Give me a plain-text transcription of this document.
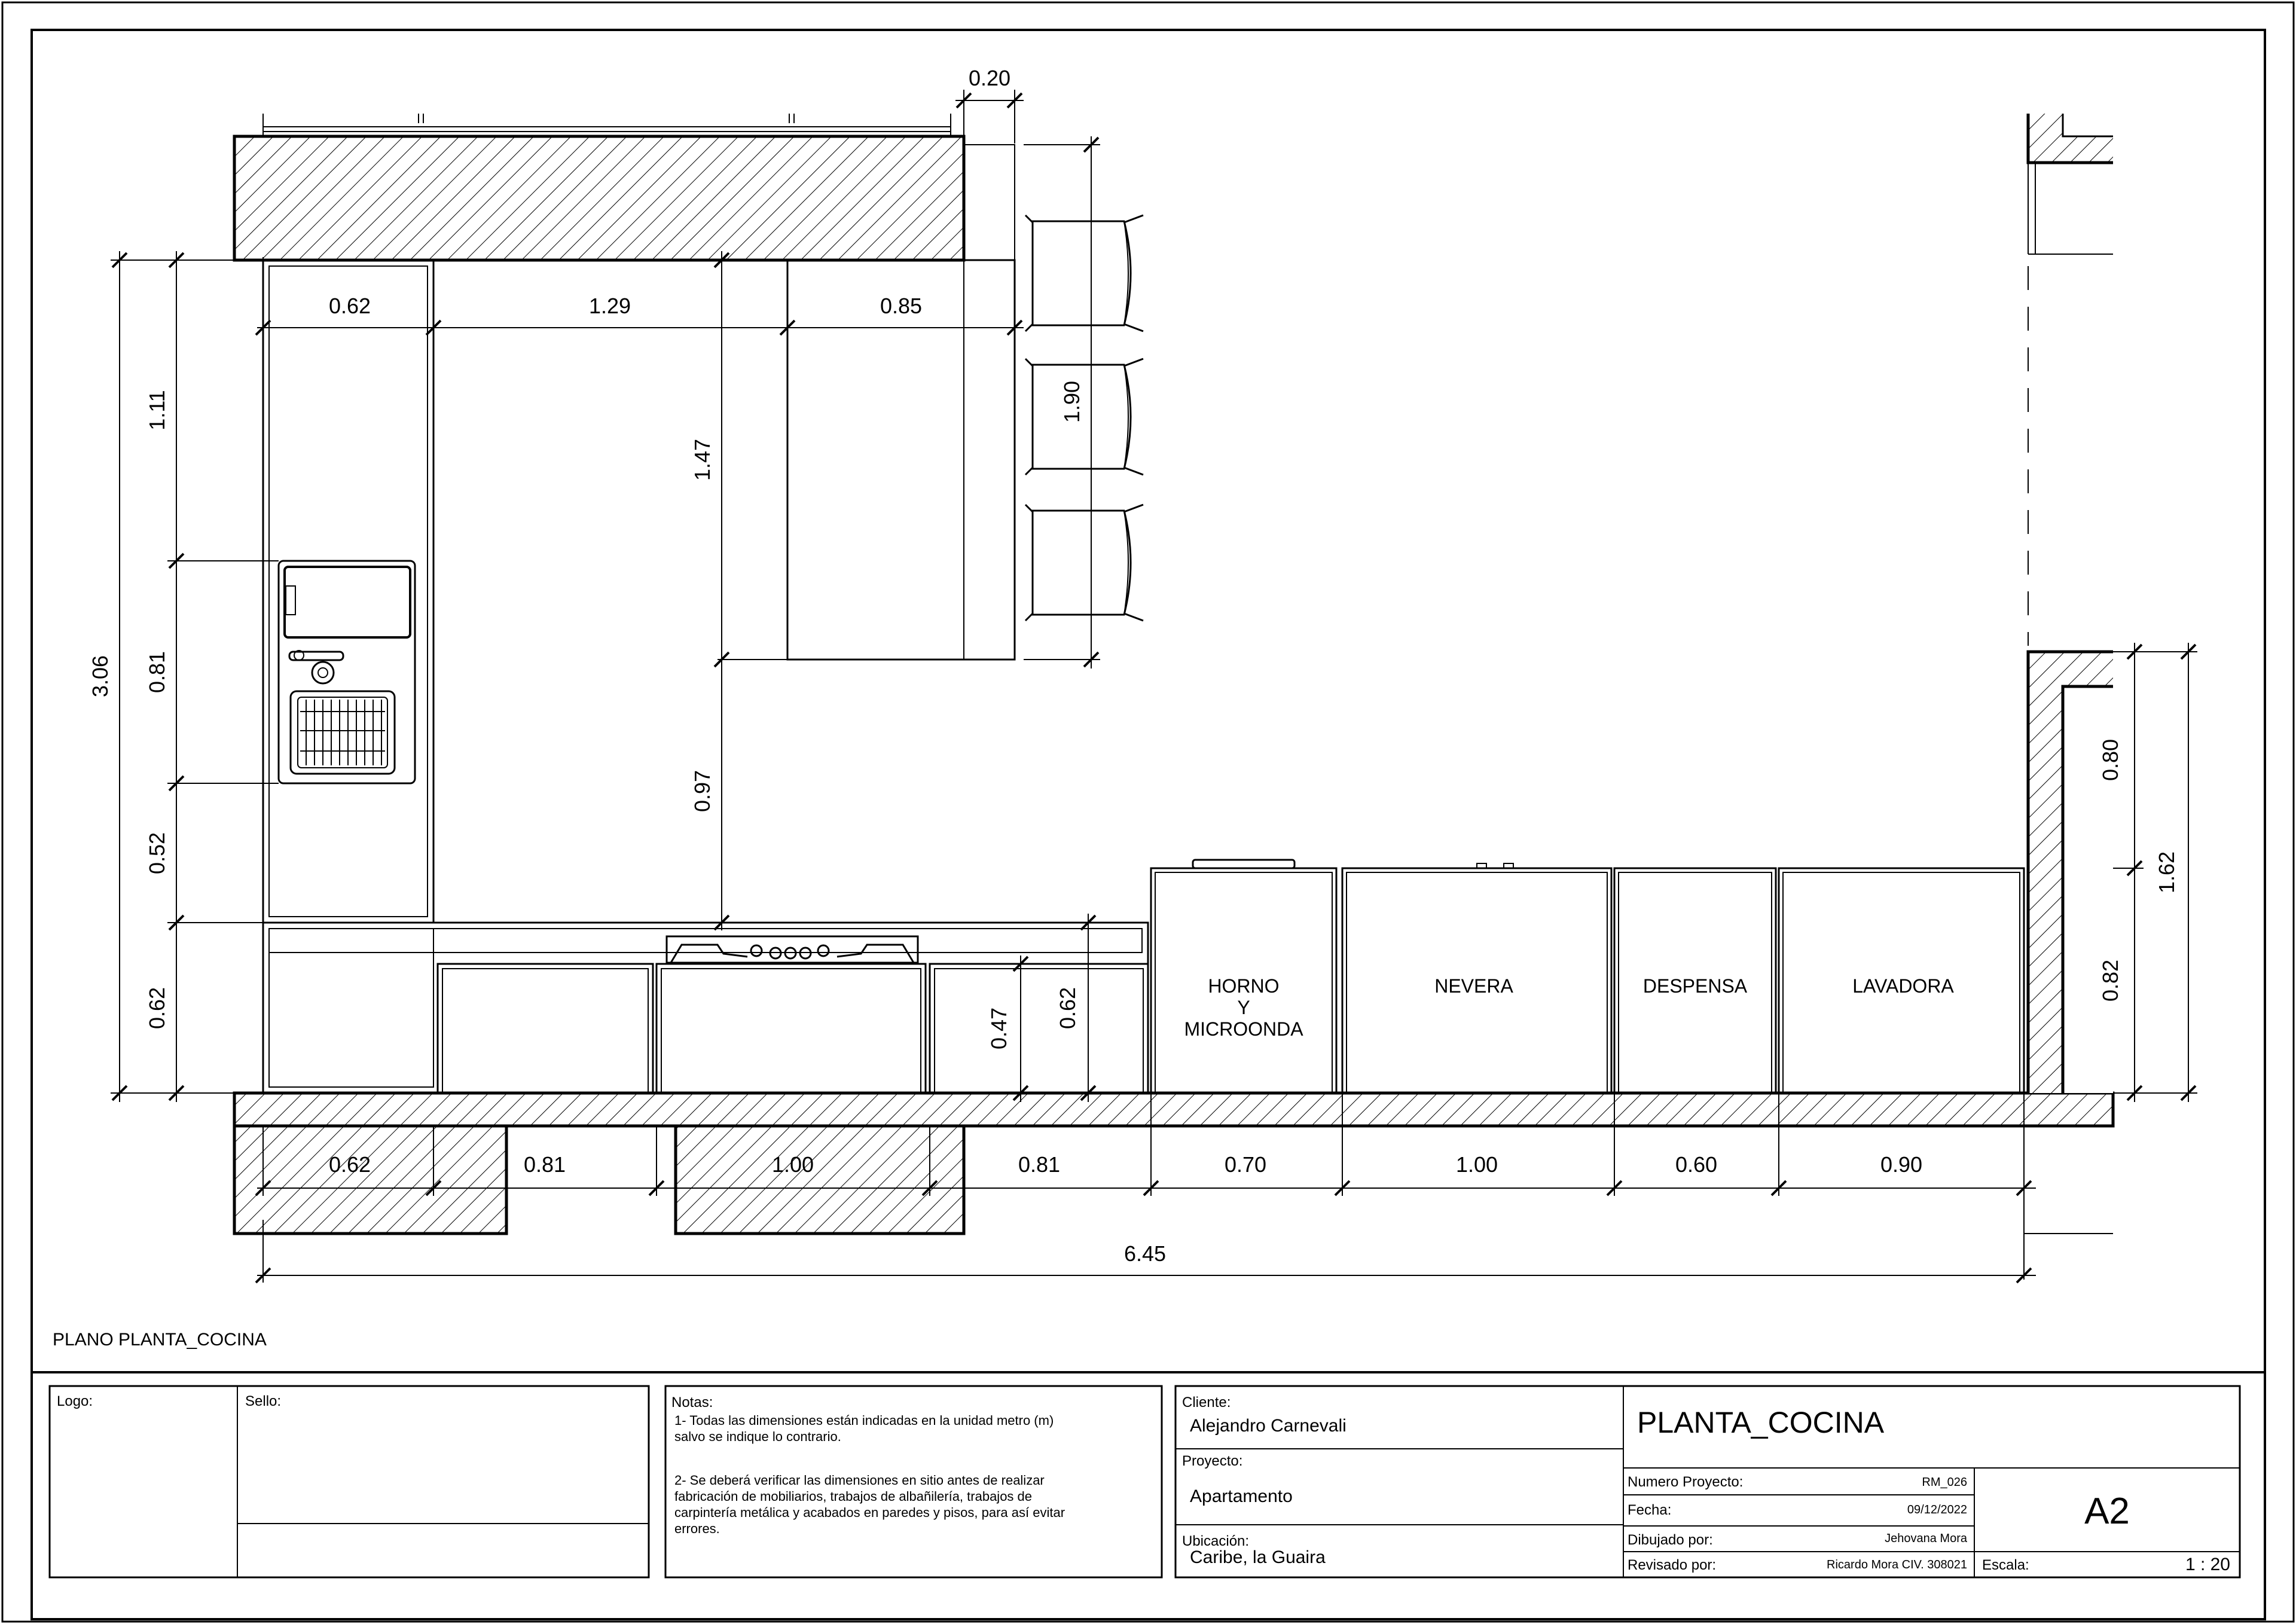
0.20
0.62	1.29	0.85
1.90
1.47
0.97
1.11
0.81
0.52
0.62
3.06
0.47 0.62
0.80
0.82
1.62
0.62	0.81	1.00	0.81	0.70	1.00	0.60	0.90
6.45
HORNO
Y
MICROONDA
NEVERA	DESPENSA	LAVADORA
PLANO PLANTA_COCINA
Logo:	Sello:	Notas:
1- Todas las dimensiones están indicadas en la unidad metro (m)
salvo se indique lo contrario.
2- Se deberá verificar las dimensiones en sitio antes de realizar
fabricación de mobiliarios, trabajos de albañilería, trabajos de
carpintería metálica y acabados en paredes y pisos, para así evitar
errores.
Cliente:
Alejandro Carnevali
Proyecto:
Apartamento
Ubicación:
Caribe, la Guaira
PLANTA_COCINA
Numero Proyecto:	RM_026
Fecha:	09/12/2022
Dibujado por:	Jehovana Mora
Revisado por:	Ricardo Mora CIV. 308021
A2
Escala:	1 : 20
